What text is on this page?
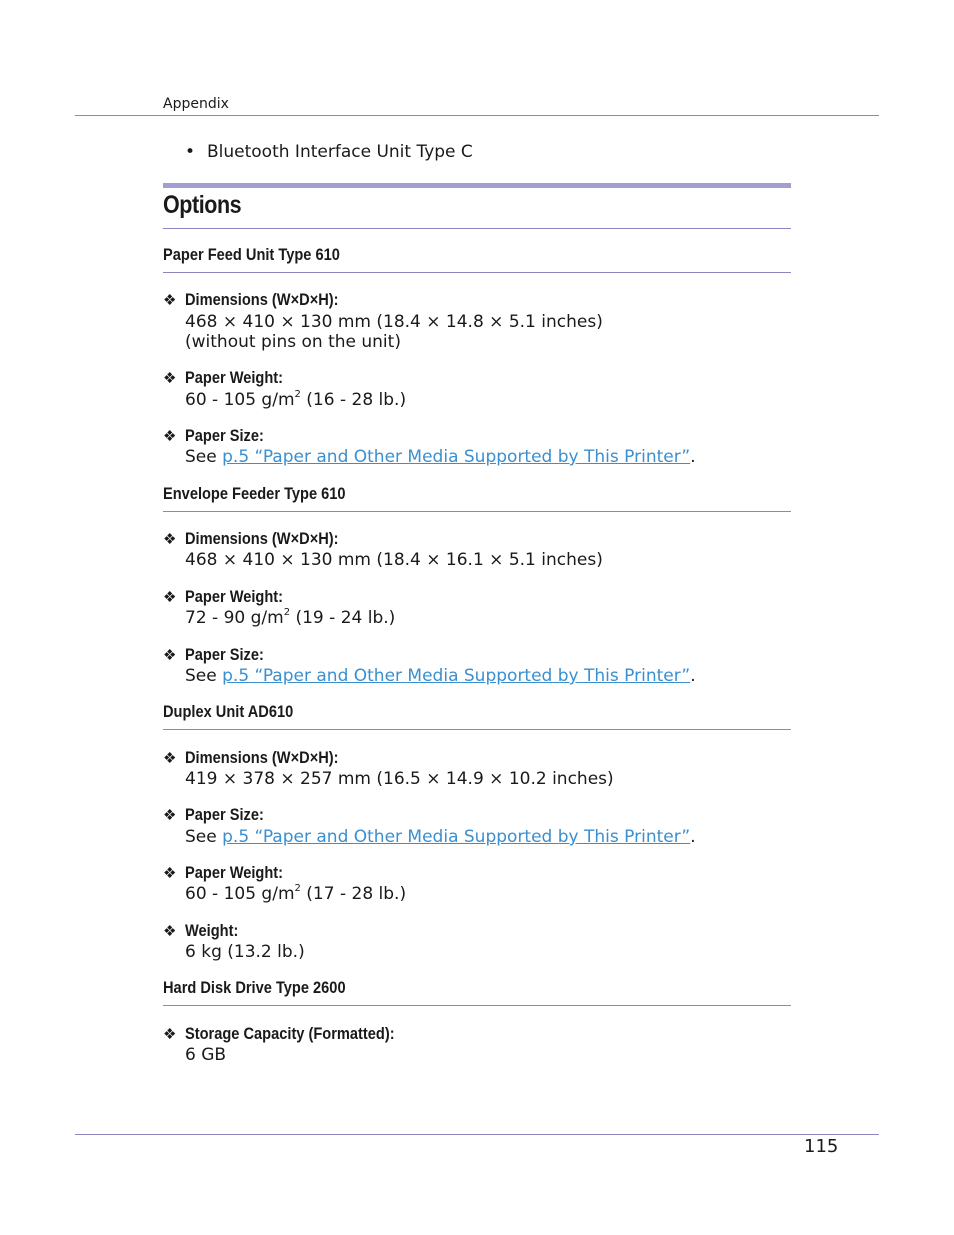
Appendix
• Bluetooth Interface Unit Type C
Options
Paper Feed Unit Type 610
❖ Dimensions (W×D×H):
468 × 410 × 130 mm (18.4 × 14.8 × 5.1 inches)
(without pins on the unit)
❖ Paper Weight:
60 - 105 $g/m^2$ (16 - 28 lb.)
❖ Paper Size:
See p.5 “Paper and Other Media Supported by This Printer”.
Envelope Feeder Type 610
❖ Dimensions (W×D×H):
468 × 410 × 130 mm (18.4 × 16.1 × 5.1 inches)
❖ Paper Weight:
72 - 90 $g/m^2$ (19 - 24 lb.)
❖ Paper Size:
See p.5 “Paper and Other Media Supported by This Printer”.
Duplex Unit AD610
❖ Dimensions (W×D×H):
419 × 378 × 257 mm (16.5 × 14.9 × 10.2 inches)
❖ Paper Size:
See p.5 “Paper and Other Media Supported by This Printer”.
❖ Paper Weight:
60 - 105 $g/m^2$ (17 - 28 lb.)
❖ Weight:
6 kg (13.2 lb.)
Hard Disk Drive Type 2600
❖ Storage Capacity (Formatted):
6 GB
115
